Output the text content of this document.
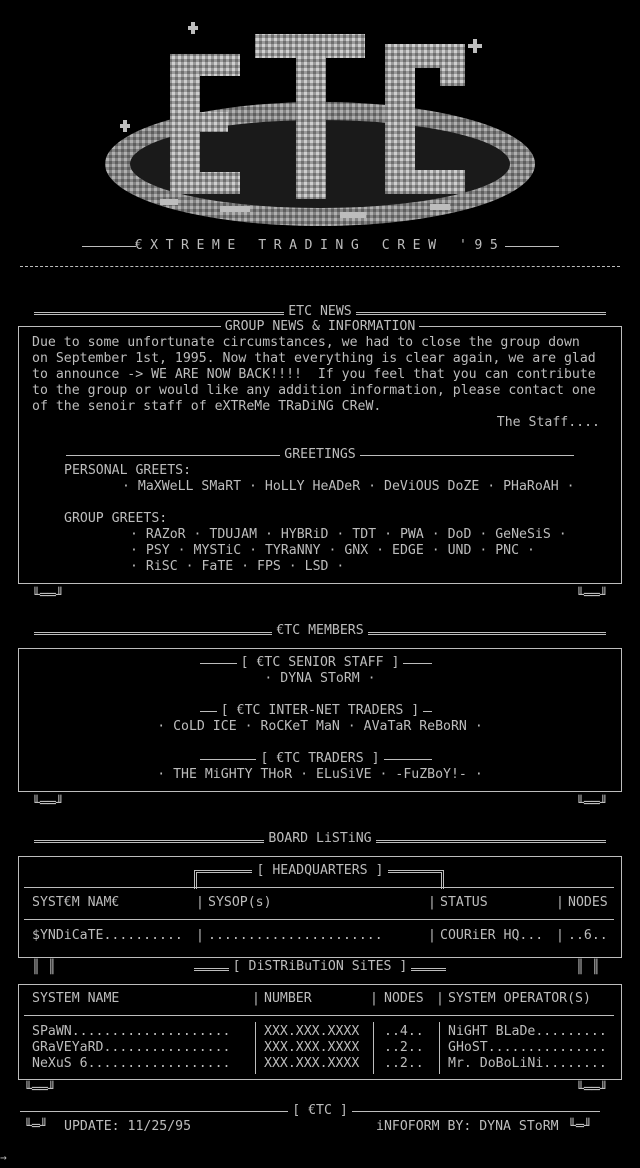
€XTREME TRADING CREW '95
ETC NEWS
GROUP NEWS & INFORMATION
Due to some unfortunate circumstances, we had to close the group down
on September 1st, 1995. Now that everything is clear again, we are glad
to announce -> WE ARE NOW BACK!!!!  If you feel that you can contribute
to the group or would like any addition information, please contact one
of the senoir staff of eXTReMe TRaDiNG CReW.
The Staff....
GREETINGS
PERSONAL GREETS:
· MaXWeLL SMaRT · HoLLY HeADeR · DeViOUS DoZE · PHaRoAH ·
GROUP GREETS:
· RAZoR · TDUJAM · HYBRiD · TDT · PWA · DoD · GeNeSiS ·
· PSY · MYSTiC · TYRaNNY · GNX · EDGE · UND · PNC ·
· RiSC · FaTE · FPS · LSD ·
╙══╜	╙══╜
€TC MEMBERS
[ €TC SENIOR STAFF ]
· DYNA SToRM ·
[ €TC INTER-NET TRADERS ]
· CoLD ICE · RoCKeT MaN · AVaTaR ReBoRN ·
[ €TC TRADERS ]
· THE MiGHTY THoR · ELuSiVE · -FuZBoY!- ·
╙══╜	╙══╜
BOARD LiSTiNG
[ HEADQUARTERS ]
SYST€M NAM€	| SYSOP(s)	| STATUS	| NODES
$YNDiCaTE.......... | ......................	| COURiER HQ... | ..6..
║ ║	║ ║
[ DiSTRiBuTiON SiTES ]
SYSTEM NAME	| NUMBER	| NODES | SYSTEM OPERATOR(S)
SPaWN....................	XXX.XXX.XXXX ..4.. NiGHT BLaDe.........
GRaVEYaRD................	XXX.XXX.XXXX ..2.. GHoST...............
NeXuS 6..................	XXX.XXX.XXXX ..2.. Mr. DoBoLiNi........
╙══╜	╙══╜
[ €TC ]
╙═╜ UPDATE: 11/25/95	iNFOFORM BY: DYNA SToRM ╙═╜
→
